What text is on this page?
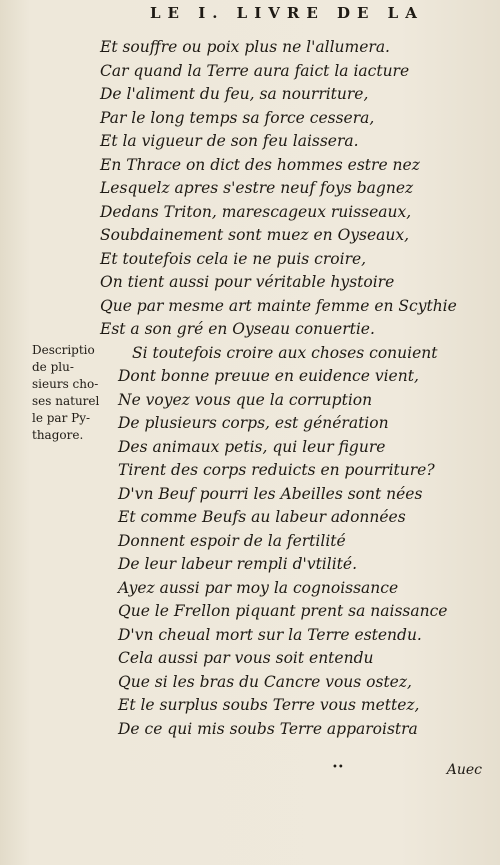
LE I. LIVRE DE LA
Et souffre ou poix plus ne l'allumera.
Car quand la Terre aura faict la iacture
De l'aliment du feu, sa nourriture,
Par le long temps sa force cessera,
Et la vigueur de son feu laissera.
En Thrace on dict des hommes estre nez
Lesquelz apres s'estre neuf foys bagnez
Dedans Triton, marescageux ruisseaux,
Soubdainement sont muez en Oyseaux,
Et toutefois cela ie ne puis croire,
On tient aussi pour véritable hystoire
Que par mesme art mainte femme en Scythie
Est a son gré en Oyseau conuertie.
Si toutefois croire aux choses conuient
Dont bonne preuue en euidence vient,
Ne voyez vous que la corruption
De plusieurs corps, est génération
Des animaux petis, qui leur figure
Tirent des corps reduicts en pourriture?
D'vn Beuf pourri les Abeilles sont nées
Et comme Beufs au labeur adonnées
Donnent espoir de la fertilité
De leur labeur rempli d'vtilité.
Ayez aussi par moy la cognoissance
Que le Frellon piquant prent sa naissance
D'vn cheual mort sur la Terre estendu.
Cela aussi par vous soit entendu
Que si les bras du Cancre vous ostez,
Et le surplus soubs Terre vous mettez,
De ce qui mis soubs Terre apparoistra
Descriptio
de plu-
sieurs cho-
ses naturel
le par Py-
thagore.
••	Auec
